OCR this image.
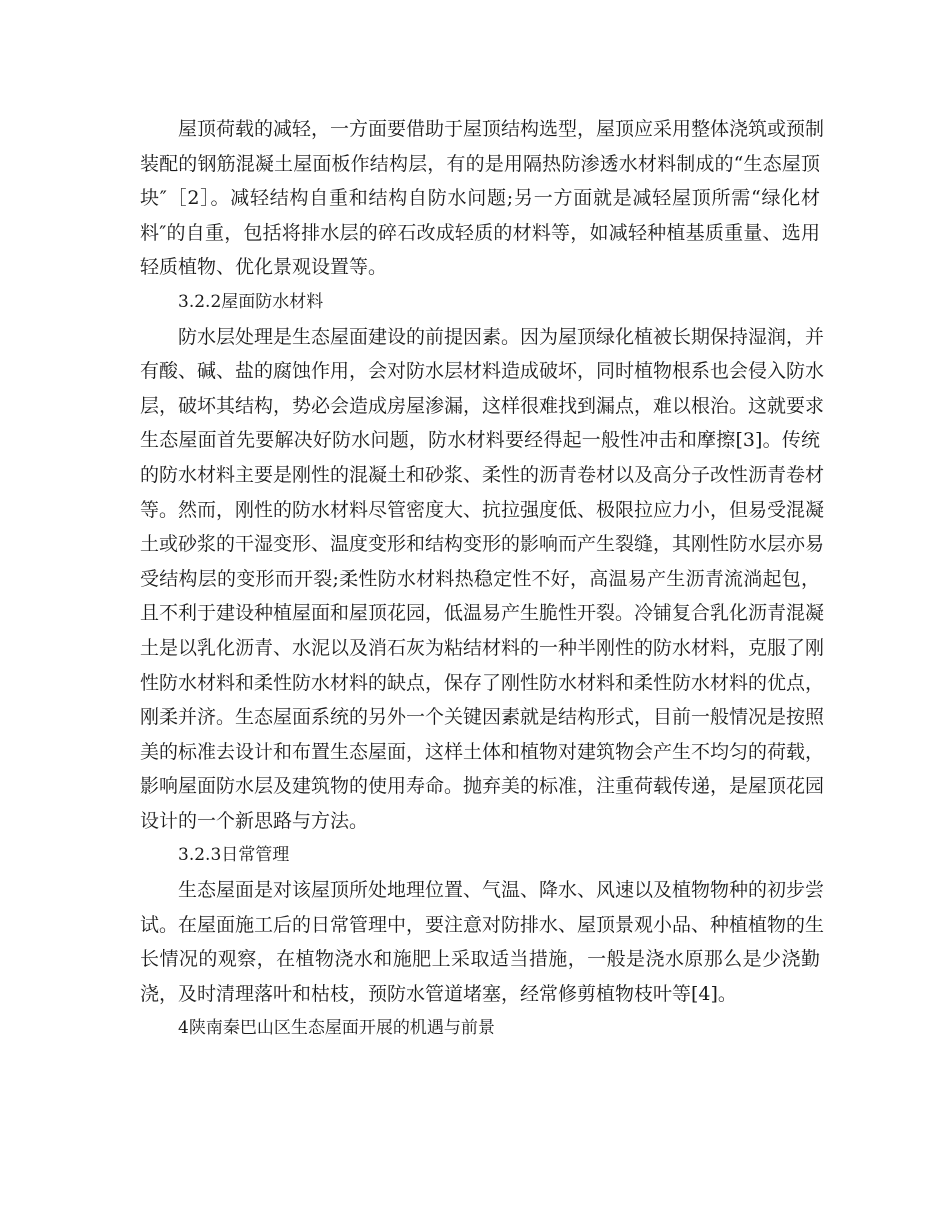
屋顶荷载的减轻，一方面要借助于屋顶结构选型，屋顶应采用整体浇筑或预制
装配的钢筋混凝土屋面板作结构层，有的是用隔热防渗透水材料制成的“生态屋顶
块″［2］。减轻结构自重和结构自防水问题;另一方面就是减轻屋顶所需“绿化材
料″的自重，包括将排水层的碎石改成轻质的材料等，如减轻种植基质重量、选用
轻质植物、优化景观设置等。
3.2.2屋面防水材料
防水层处理是生态屋面建设的前提因素。因为屋顶绿化植被长期保持湿润，并
有酸、碱、盐的腐蚀作用，会对防水层材料造成破坏，同时植物根系也会侵入防水
层，破坏其结构，势必会造成房屋渗漏，这样很难找到漏点，难以根治。这就要求
生态屋面首先要解决好防水问题，防水材料要经得起一般性冲击和摩擦[3]。传统
的防水材料主要是刚性的混凝土和砂浆、柔性的沥青卷材以及高分子改性沥青卷材
等。然而，刚性的防水材料尽管密度大、抗拉强度低、极限拉应力小，但易受混凝
土或砂浆的干湿变形、温度变形和结构变形的影响而产生裂缝，其刚性防水层亦易
受结构层的变形而开裂;柔性防水材料热稳定性不好，高温易产生沥青流淌起包，
且不利于建设种植屋面和屋顶花园，低温易产生脆性开裂。冷铺复合乳化沥青混凝
土是以乳化沥青、水泥以及消石灰为粘结材料的一种半刚性的防水材料，克服了刚
性防水材料和柔性防水材料的缺点，保存了刚性防水材料和柔性防水材料的优点，
刚柔并济。生态屋面系统的另外一个关键因素就是结构形式，目前一般情况是按照
美的标准去设计和布置生态屋面，这样土体和植物对建筑物会产生不均匀的荷载，
影响屋面防水层及建筑物的使用寿命。抛弃美的标准，注重荷载传递，是屋顶花园
设计的一个新思路与方法。
3.2.3日常管理
生态屋面是对该屋顶所处地理位置、气温、降水、风速以及植物物种的初步尝
试。在屋面施工后的日常管理中，要注意对防排水、屋顶景观小品、种植植物的生
长情况的观察，在植物浇水和施肥上采取适当措施，一般是浇水原那么是少浇勤
浇，及时清理落叶和枯枝，预防水管道堵塞，经常修剪植物枝叶等[4]。
4陕南秦巴山区生态屋面开展的机遇与前景
